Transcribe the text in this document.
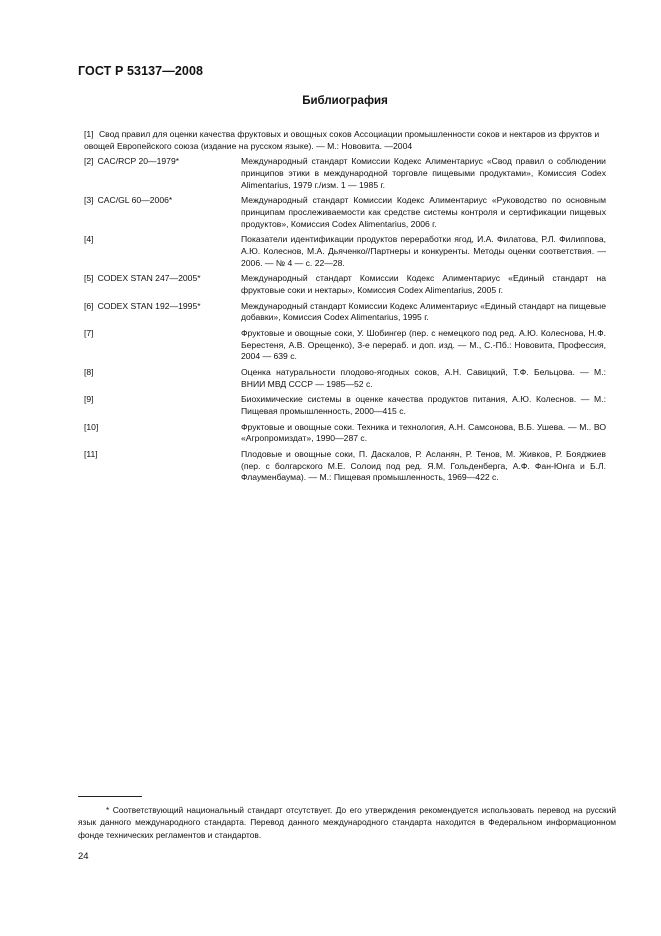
ГОСТ Р 53137—2008
Библиография
[1] Свод правил для оценки качества фруктовых и овощных соков Ассоциации промышленности соков и нектаров из фруктов и овощей Европейского союза (издание на русском языке). — М.: Нововита. —2004
[2] CAC/RCP 20—1979*	Международный стандарт Комиссии Кодекс Алиментариус «Свод правил о соблюдении принципов этики в международной торговле пищевыми продуктами», Комиссия Codex Alimentarius, 1979 г./изм. 1 — 1985 г.
[3] CAC/GL 60—2006*	Международный стандарт Комиссии Кодекс Алиментариус «Руководство по основным принципам прослеживаемости как средстве системы контроля и сертификации пищевых продуктов», Комиссия Codex Alimentarius, 2006 г.
[4]	Показатели идентификации продуктов переработки ягод, И.А. Филатова, Р.Л. Филиппова, А.Ю. Колеснов, М.А. Дьяченко//Партнеры и конкуренты. Методы оценки соответствия. — 2006. — № 4 — с. 22—28.
[5] CODEX STAN 247—2005*	Международный стандарт Комиссии Кодекс Алиментариус «Единый стандарт на фруктовые соки и нектары», Комиссия Codex Alimentarius, 2005 г.
[6] CODEX STAN 192—1995*	Международный стандарт Комиссии Кодекс Алиментариус «Единый стандарт на пищевые добавки», Комиссия Codex Alimentarius, 1995 г.
[7]	Фруктовые и овощные соки, У. Шобингер (пер. с немецкого под ред. А.Ю. Колеснова, Н.Ф. Берестеня, А.В. Орещенко), 3-е перераб. и доп. изд. — М., С.-Пб.: Нововита, Профессия, 2004 — 639 с.
[8]	Оценка натуральности плодово-ягодных соков, А.Н. Савицкий, Т.Ф. Бельцова. — М.: ВНИИ МВД СССР — 1985—52 с.
[9]	Биохимические системы в оценке качества продуктов питания, А.Ю. Колеснов. — М.: Пищевая промышленность, 2000—415 с.
[10]	Фруктовые и овощные соки. Техника и технология, А.Н. Самсонова, В.Б. Ушева. — М.. ВО «Агропромиздат», 1990—287 с.
[11]	Плодовые и овощные соки, П. Даскалов, Р. Асланян, Р. Тенов, М. Живков, Р. Бояджиев (пер. с болгарского М.Е. Солоид под ред. Я.М. Гольденберга, А.Ф. Фан-Юнга и Б.Л. Флауменбаума). — М.: Пищевая промышленность, 1969—422 с.
* Соответствующий национальный стандарт отсутствует. До его утверждения рекомендуется использовать перевод на русский язык данного международного стандарта. Перевод данного международного стандарта находится в Федеральном информационном фонде технических регламентов и стандартов.
24
